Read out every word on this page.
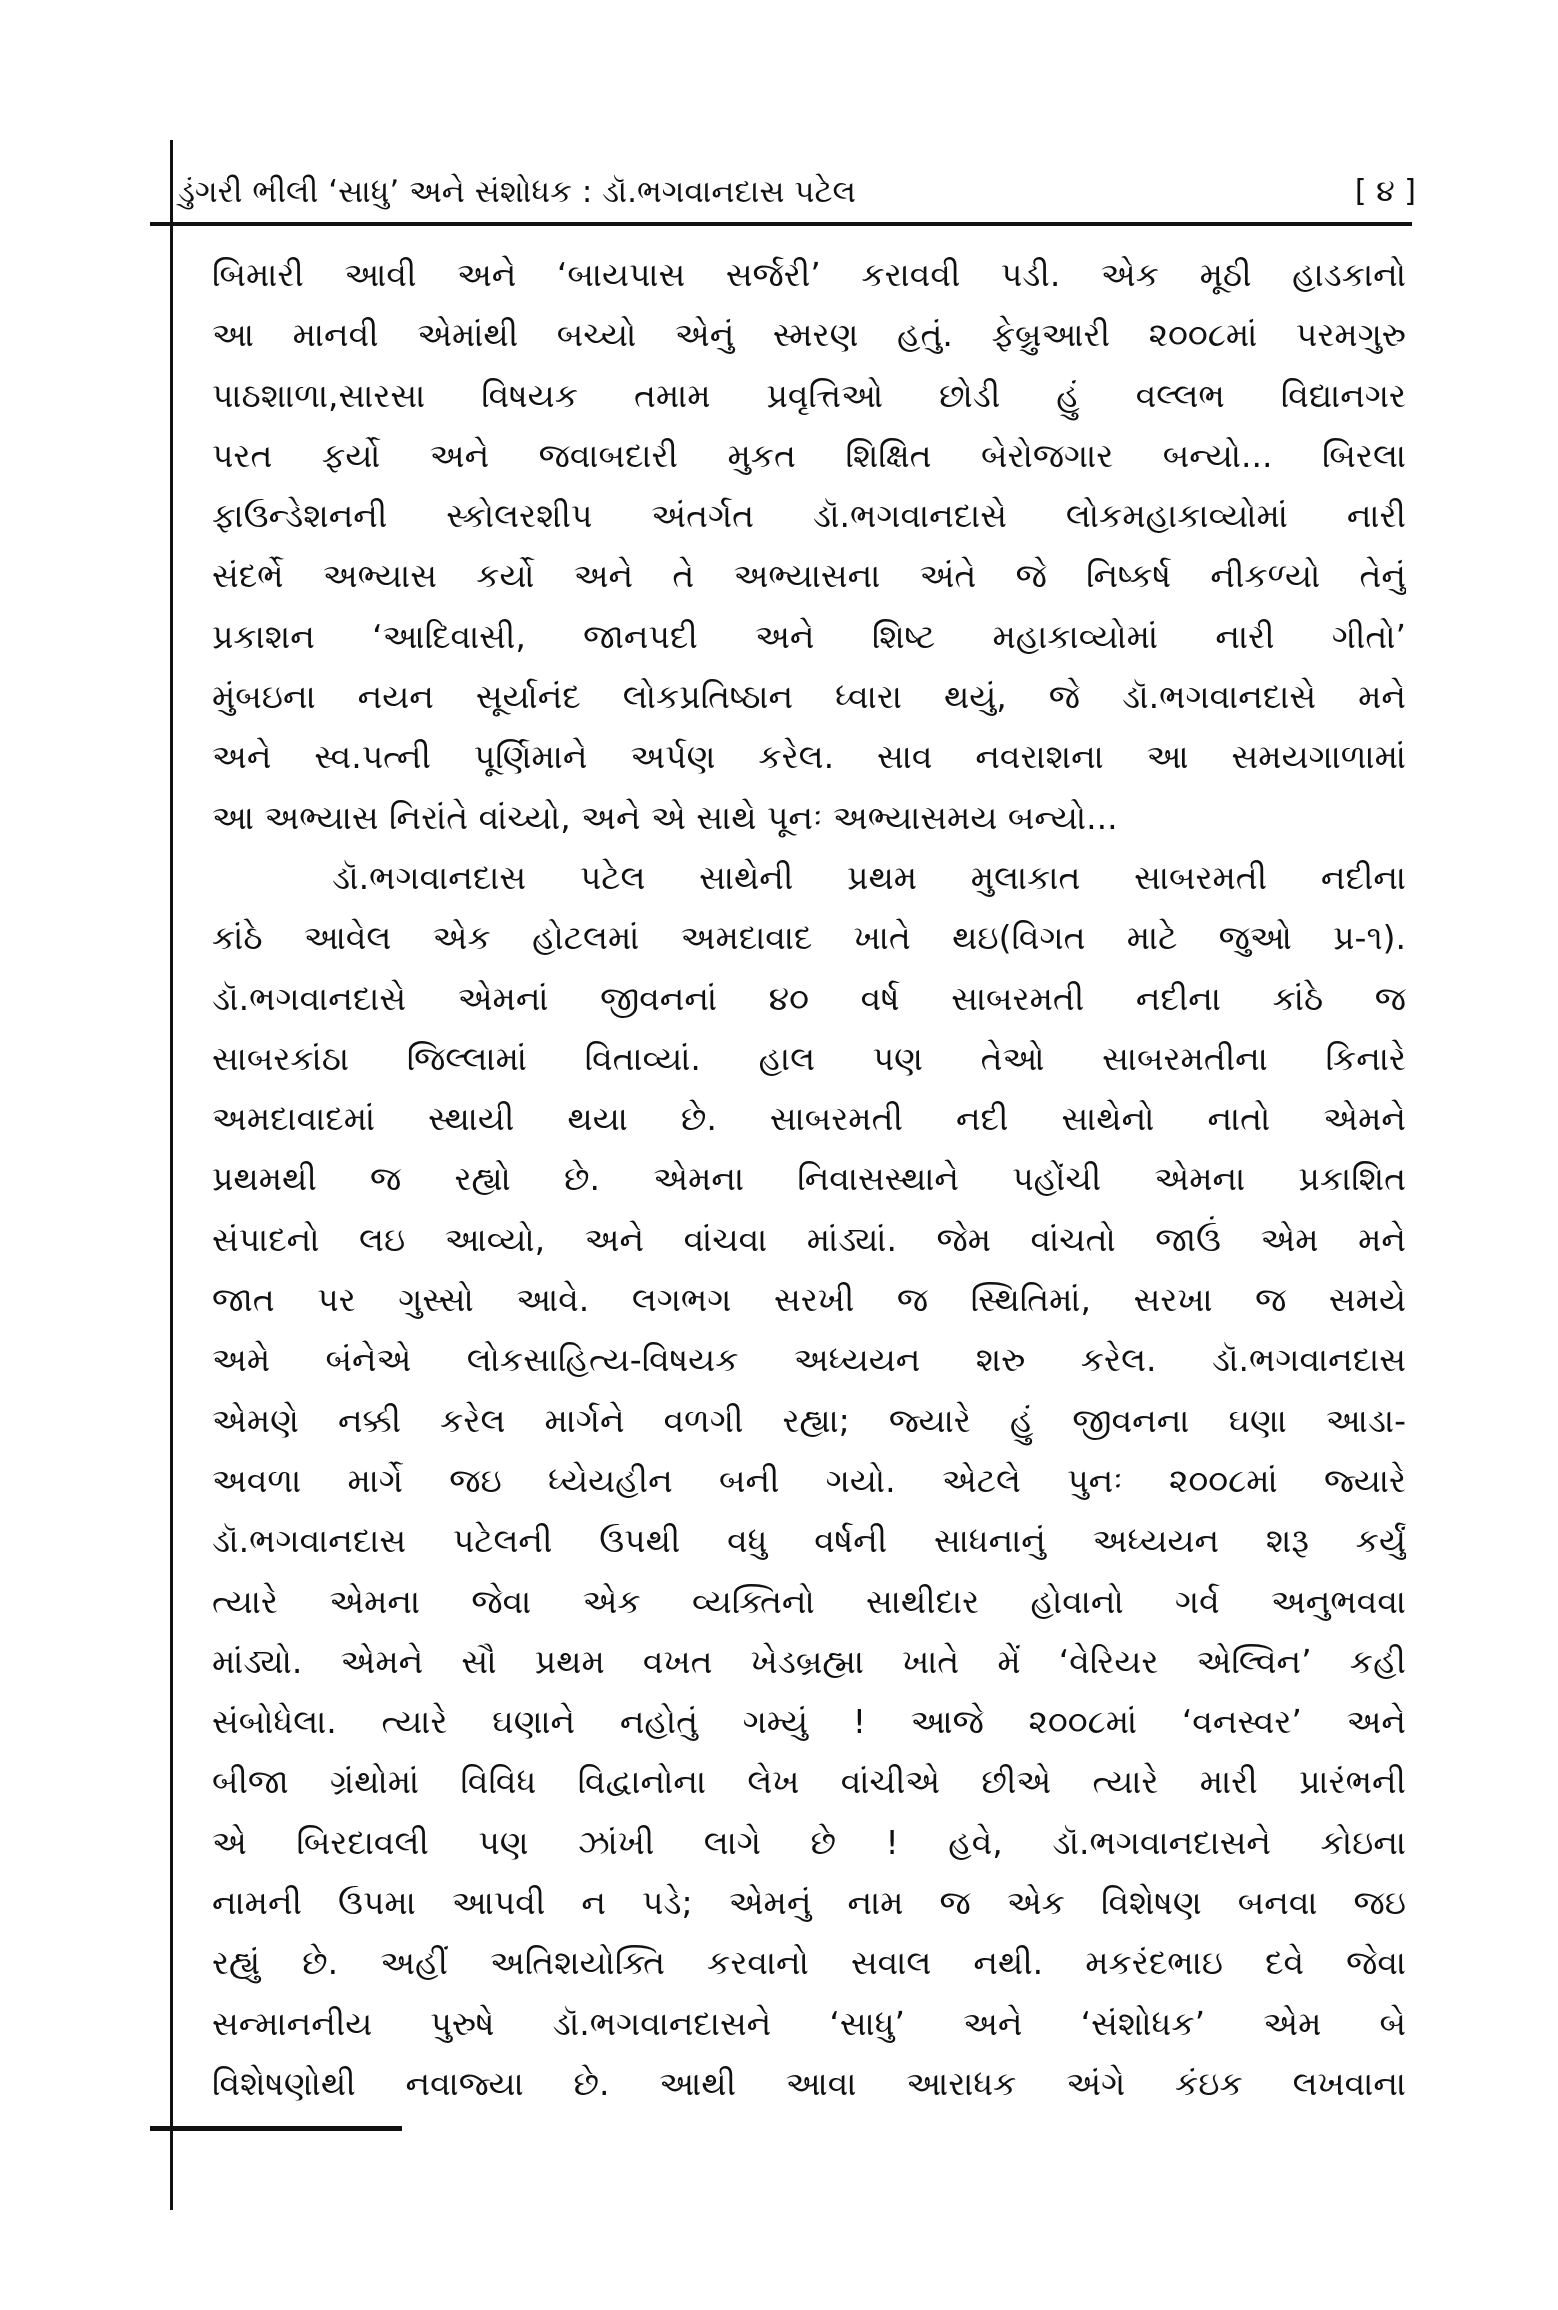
ડુંગરી ભીલી ‘સાધુ’ અને સંશોધક : ડૉ.ભગવાનદાસ પટેલ	[ ૪ ]
બિમારી આવી અને ‘બાયપાસ સર્જરી’ કરાવવી પડી. એક મૂઠી હાડકાનો
આ માનવી એમાંથી બચ્યો એનું સ્મરણ હતું. ફેબ્રુઆરી ૨૦૦૮માં પરમગુરુ
પાઠશાળા,સારસા વિષયક તમામ પ્રવૃત્તિઓ છોડી હું વલ્લભ વિદ્યાનગર
પરત ફર્યો અને જવાબદારી મુકત શિક્ષિત બેરોજગાર બન્યો... બિરલા
ફાઉન્ડેશનની સ્કોલરશીપ અંતર્ગત ડૉ.ભગવાનદાસે લોકમહાકાવ્યોમાં નારી
સંદર્ભે અભ્યાસ કર્યો અને તે અભ્યાસના અંતે જે નિષ્કર્ષ નીકળ્યો તેનું
પ્રકાશન ‘આદિવાસી, જાનપદી અને શિષ્ટ મહાકાવ્યોમાં નારી ગીતો’
મુંબઇના નયન સૂર્યાનંદ લોકપ્રતિષ્ઠાન ધ્વારા થયું, જે ડૉ.ભગવાનદાસે મને
અને સ્વ.પત્ની પૂર્ણિમાને અર્પણ કરેલ. સાવ નવરાશના આ સમયગાળામાં
આ અભ્યાસ નિરાંતે વાંચ્યો, અને એ સાથે પૂનઃ અભ્યાસમય બન્યો...
ડૉ.ભગવાનદાસ પટેલ સાથેની પ્રથમ મુલાકાત સાબરમતી નદીના
કાંઠે આવેલ એક હોટલમાં અમદાવાદ ખાતે થઇ(વિગત માટે જુઓ પ્ર-૧).
ડૉ.ભગવાનદાસે એમનાં જીવનનાં ૪૦ વર્ષ સાબરમતી નદીના કાંઠે જ
સાબરકાંઠા જિલ્લામાં વિતાવ્યાં. હાલ પણ તેઓ સાબરમતીના કિનારે
અમદાવાદમાં સ્થાયી થયા છે. સાબરમતી નદી સાથેનો નાતો એમને
પ્રથમથી જ રહ્યો છે. એમના નિવાસસ્થાને પહોંચી એમના પ્રકાશિત
સંપાદનો લઇ આવ્યો, અને વાંચવા માંડ્યાં. જેમ વાંચતો જાઉં એમ મને
જાત પર ગુસ્સો આવે. લગભગ સરખી જ સ્થિતિમાં, સરખા જ સમયે
અમે બંનેએ લોકસાહિત્ય-વિષયક અધ્યયન શરુ કરેલ. ડૉ.ભગવાનદાસ
એમણે નક્કી કરેલ માર્ગને વળગી રહ્યા; જ્યારે હું જીવનના ઘણા આડા-
અવળા માર્ગે જઇ ધ્યેયહીન બની ગયો. એટલે પુનઃ ૨૦૦૮માં જ્યારે
ડૉ.ભગવાનદાસ પટેલની ઉપથી વધુ વર્ષની સાધનાનું અધ્યયન શરૂ કર્યું
ત્યારે એમના જેવા એક વ્યક્તિનો સાથીદાર હોવાનો ગર્વ અનુભવવા
માંડ્યો. એમને સૌ પ્રથમ વખત ખેડબ્રહ્મા ખાતે મેં ‘વેરિયર એલ્વિન’ કહી
સંબોધેલા. ત્યારે ઘણાને નહોતું ગમ્યું ! આજે ૨૦૦૮માં ‘વનસ્વર’ અને
બીજા ગ્રંથોમાં વિવિધ વિદ્વાનોના લેખ વાંચીએ છીએ ત્યારે મારી પ્રારંભની
એ બિરદાવલી પણ ઝાંખી લાગે છે ! હવે, ડૉ.ભગવાનદાસને કોઇના
નામની ઉપમા આપવી ન પડે; એમનું નામ જ એક વિશેષણ બનવા જઇ
રહ્યું છે. અહીં અતિશયોક્તિ કરવાનો સવાલ નથી. મકરંદભાઇ દવે જેવા
સન્માનનીય પુરુષે ડૉ.ભગવાનદાસને ‘સાધુ’ અને ‘સંશોધક’ એમ બે
વિશેષણોથી નવાજ્યા છે. આથી આવા આરાધક અંગે કંઇક લખવાના
